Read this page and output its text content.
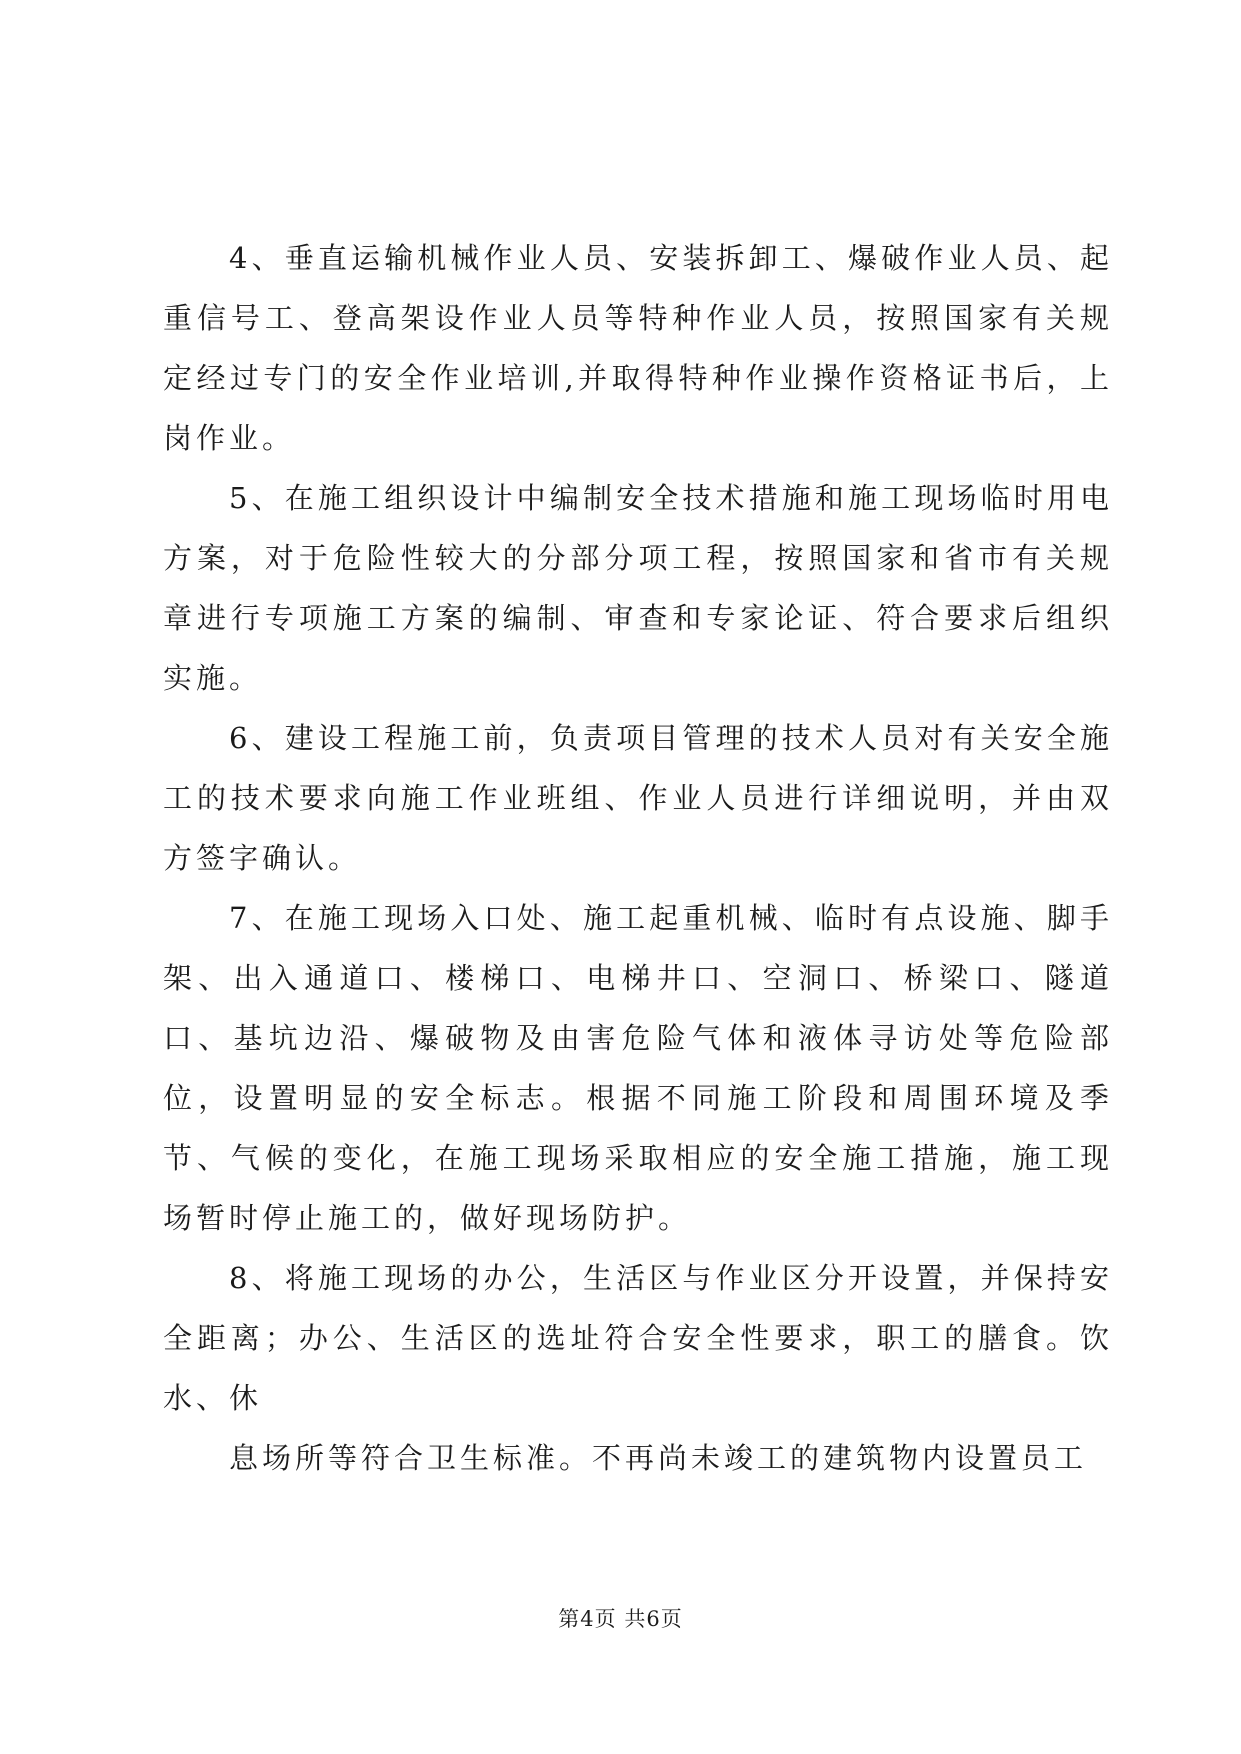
4、垂直运输机械作业人员、安装拆卸工、爆破作业人员、起重信号工、登高架设作业人员等特种作业人员，按照国家有关规定经过专门的安全作业培训,并取得特种作业操作资格证书后，上岗作业。

5、在施工组织设计中编制安全技术措施和施工现场临时用电方案，对于危险性较大的分部分项工程，按照国家和省市有关规章进行专项施工方案的编制、审查和专家论证、符合要求后组织实施。

6、建设工程施工前，负责项目管理的技术人员对有关安全施工的技术要求向施工作业班组、作业人员进行详细说明，并由双方签字确认。

7、在施工现场入口处、施工起重机械、临时有点设施、脚手架、出入通道口、楼梯口、电梯井口、空洞口、桥梁口、隧道口、基坑边沿、爆破物及由害危险气体和液体寻访处等危险部位，设置明显的安全标志。根据不同施工阶段和周围环境及季节、气候的变化，在施工现场采取相应的安全施工措施，施工现场暂时停止施工的，做好现场防护。

8、将施工现场的办公，生活区与作业区分开设置，并保持安全距离；办公、生活区的选址符合安全性要求，职工的膳食。饮水、休

息场所等符合卫生标准。不再尚未竣工的建筑物内设置员工

第4页 共6页
